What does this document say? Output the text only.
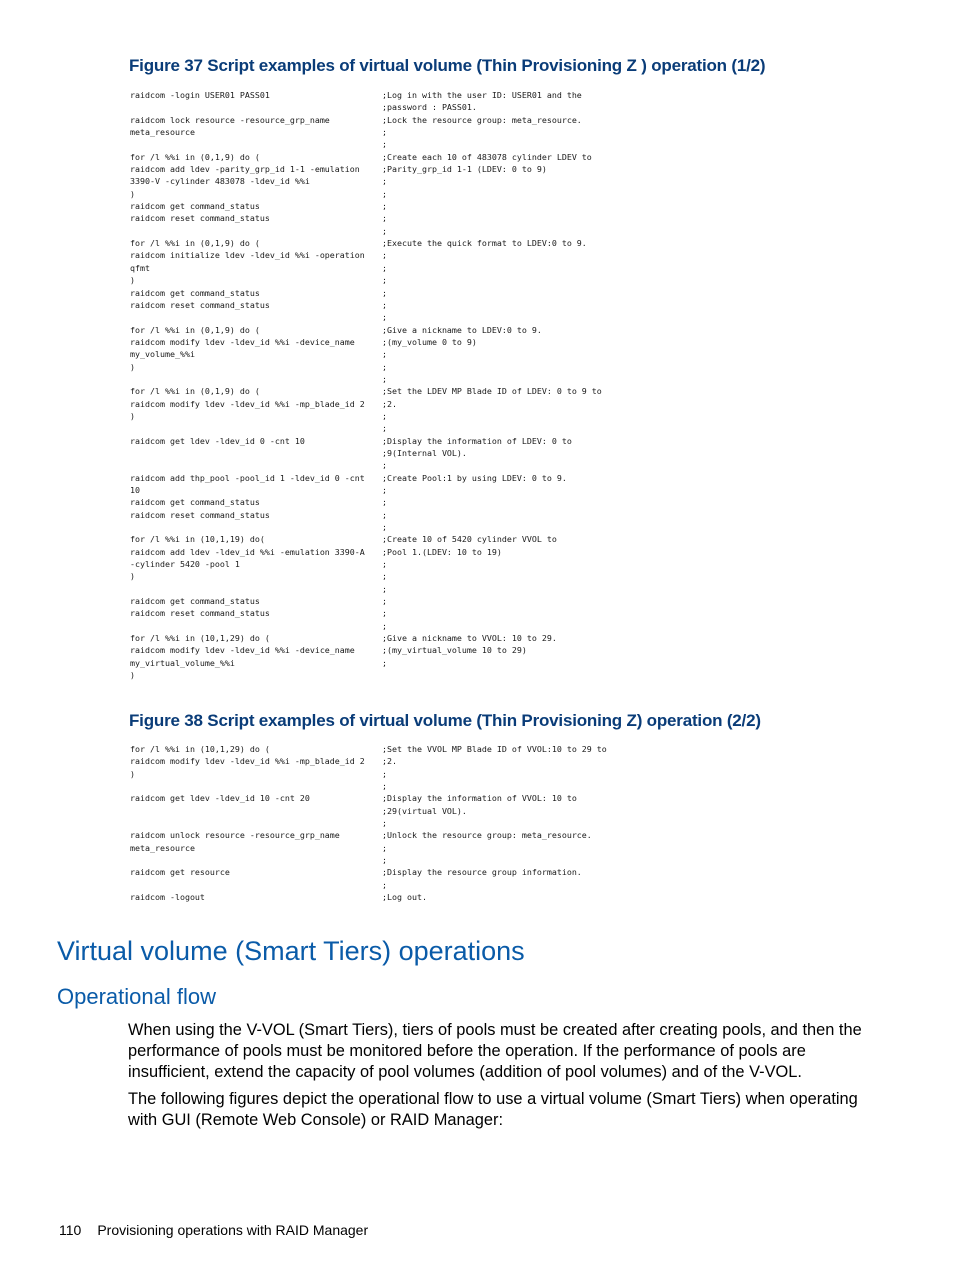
Figure 37 Script examples of virtual volume (Thin Provisioning Z ) operation (1/2)
raidcom -login USER01 PASS01	;Log in with the user ID: USER01 and the
;password : PASS01.
raidcom lock resource -resource_grp_name	;Lock the resource group: meta_resource.
meta_resource	;
;
for /l %%i in (0,1,9) do (	;Create each 10 of 483078 cylinder LDEV to
raidcom add ldev -parity_grp_id 1-1 -emulation	;Parity_grp_id 1-1 (LDEV: 0 to 9)
3390-V -cylinder 483078 -ldev_id %%i	;
)	;
raidcom get command_status	;
raidcom reset command_status	;
;
for /l %%i in (0,1,9) do (	;Execute the quick format to LDEV:0 to 9.
raidcom initialize ldev -ldev_id %%i -operation	;
qfmt	;
)	;
raidcom get command_status	;
raidcom reset command_status	;
;
for /l %%i in (0,1,9) do (	;Give a nickname to LDEV:0 to 9.
raidcom modify ldev -ldev_id %%i -device_name	;(my_volume 0 to 9)
my_volume_%%i	;
)	;
;
for /l %%i in (0,1,9) do (	;Set the LDEV MP Blade ID of LDEV: 0 to 9 to
raidcom modify ldev -ldev_id %%i -mp_blade_id 2	;2.
)	;
;
raidcom get ldev -ldev_id 0 -cnt 10	;Display the information of LDEV: 0 to
;9(Internal VOL).
;
raidcom add thp_pool -pool_id 1 -ldev_id 0 -cnt	;Create Pool:1 by using LDEV: 0 to 9.
10	;
raidcom get command_status	;
raidcom reset command_status	;
;
for /l %%i in (10,1,19) do(	;Create 10 of 5420 cylinder VVOL to
raidcom add ldev -ldev_id %%i -emulation 3390-A	;Pool 1.(LDEV: 10 to 19)
-cylinder 5420 -pool 1	;
)	;
;
raidcom get command_status	;
raidcom reset command_status	;
;
for /l %%i in (10,1,29) do (	;Give a nickname to VVOL: 10 to 29.
raidcom modify ldev -ldev_id %%i -device_name	;(my_virtual_volume 10 to 29)
my_virtual_volume_%%i	;
)
Figure 38 Script examples of virtual volume (Thin Provisioning Z) operation (2/2)
for /l %%i in (10,1,29) do (	;Set the VVOL MP Blade ID of VVOL:10 to 29 to
raidcom modify ldev -ldev_id %%i -mp_blade_id 2	;2.
)	;
;
raidcom get ldev -ldev_id 10 -cnt 20	;Display the information of VVOL: 10 to
;29(virtual VOL).
;
raidcom unlock resource -resource_grp_name	;Unlock the resource group: meta_resource.
meta_resource	;
;
raidcom get resource	;Display the resource group information.
;
raidcom -logout	;Log out.
Virtual volume (Smart Tiers) operations
Operational flow

When using the V-VOL (Smart Tiers), tiers of pools must be created after creating pools, and then the performance of pools must be monitored before the operation. If the performance of pools are insufficient, extend the capacity of pool volumes (addition of pool volumes) and of the V-VOL.

The following figures depict the operational flow to use a virtual volume (Smart Tiers) when operating with GUI (Remote Web Console) or RAID Manager:

110 Provisioning operations with RAID Manager
